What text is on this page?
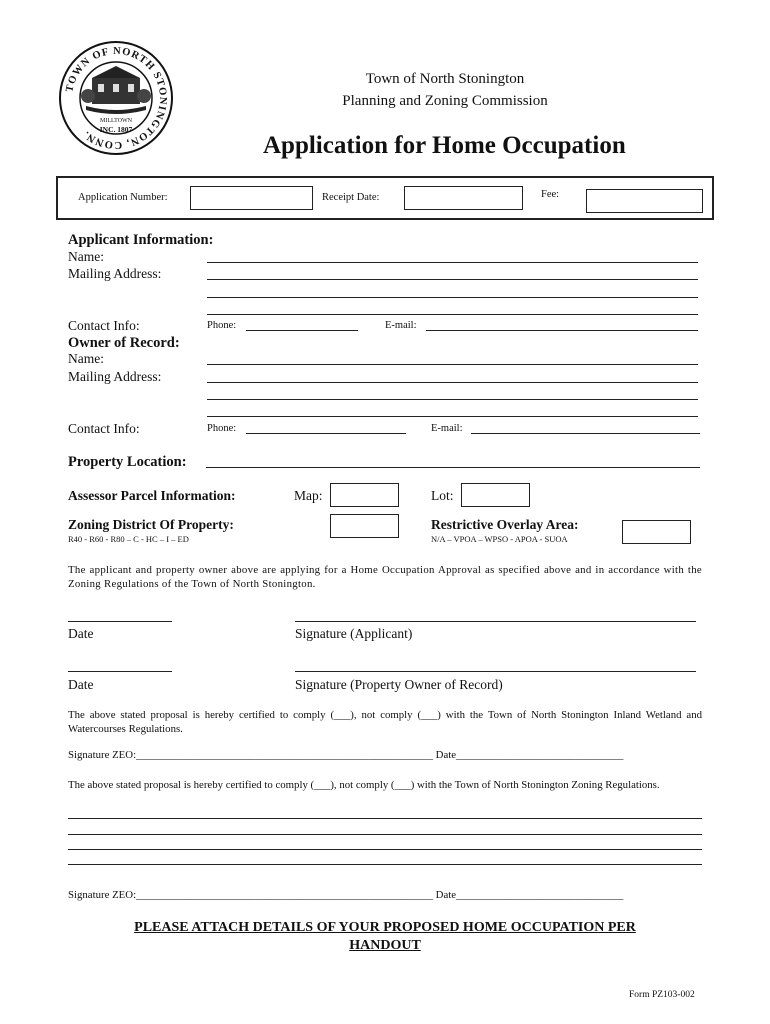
TOWN OF NORTH STONINGTON, CONN.
MILLTOWN
INC. 1807
Town of North Stonington
Planning and Zoning Commission
Application for Home Occupation
Application Number:	Receipt Date:	Fee:
Applicant Information:
Name:
Mailing Address:
Contact Info:	Phone:	E-mail:
Owner of Record:
Name:
Mailing Address:
Contact Info:	Phone:	E-mail:
Property Location:
Assessor Parcel Information:	Map:	Lot:
Zoning District Of Property:
R40 - R60 - R80 – C - HC – I – ED
Restrictive Overlay Area:
N/A – VPOA – WPSO - APOA - SUOA
The applicant and property owner above are applying for a Home Occupation Approval as specified above and in accordance with the Zoning Regulations of the Town of North Stonington.
Date	Signature (Applicant)
Date	Signature (Property Owner of Record)
The above stated proposal is hereby certified to comply (___), not comply (___) with the Town of North Stonington Inland Wetland and Watercourses Regulations.
Signature ZEO:_______________________________________________________ Date_______________________________
The above stated proposal is hereby certified to comply (___), not comply (___) with the Town of North Stonington Zoning Regulations.
Signature ZEO:_______________________________________________________ Date_______________________________
PLEASE ATTACH DETAILS OF YOUR PROPOSED HOME OCCUPATION PER
HANDOUT
Form PZ103-002
